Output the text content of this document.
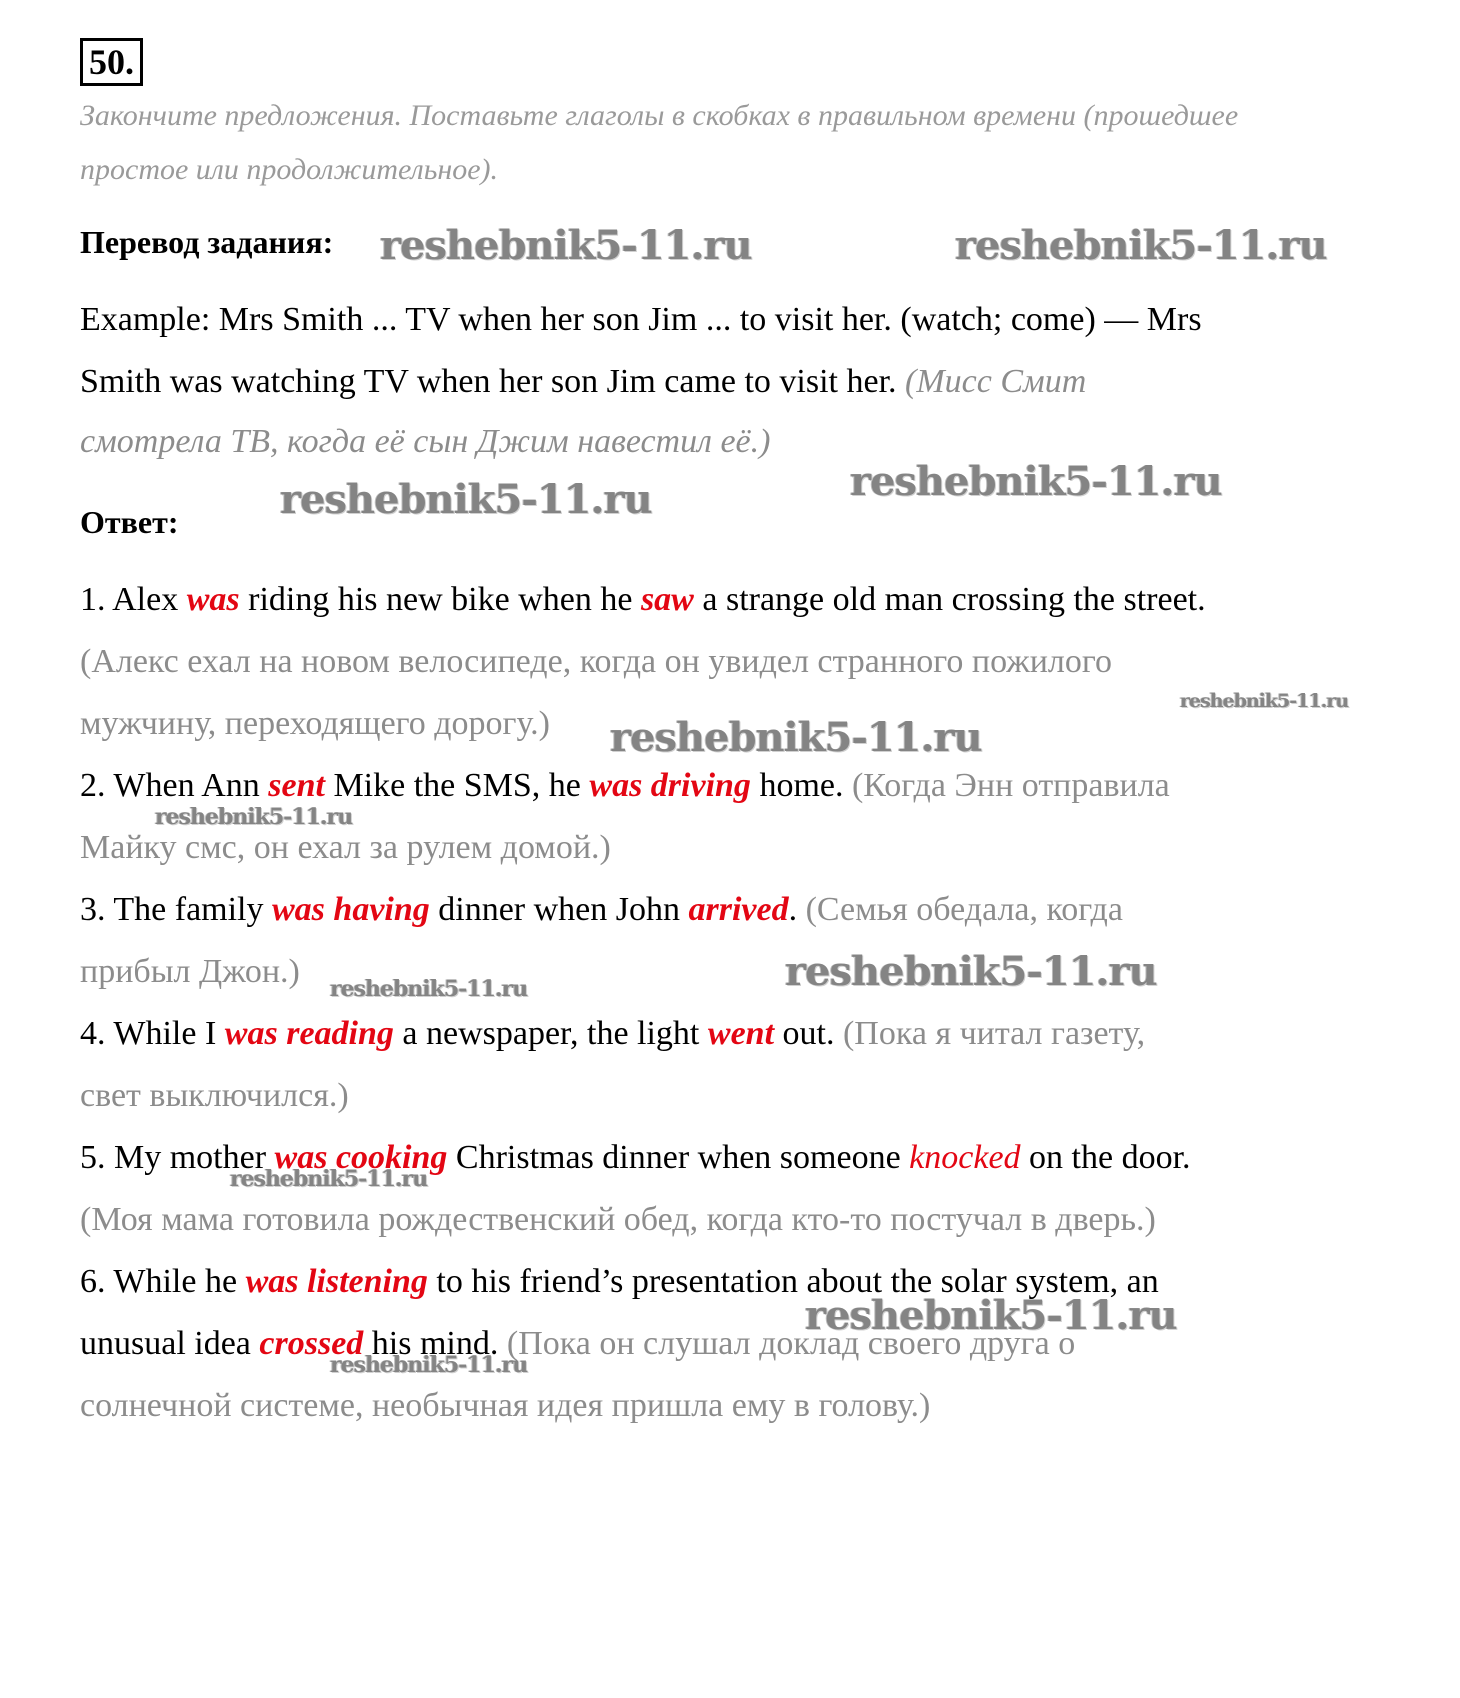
50.
Закончите предложения. Поставьте глаголы в скобках в правильном времени (прошедшее
простое или продолжительное).
Перевод задания:
Example: Mrs Smith ... TV when her son Jim ... to visit her. (watch; come) — Mrs
Smith was watching TV when her son Jim came to visit her. (Мисс Смит
смотрела ТВ, когда её сын Джим навестил её.)
Ответ:
1. Alex was riding his new bike when he saw a strange old man crossing the street.
(Алекс ехал на новом велосипеде, когда он увидел странного пожилого
мужчину, переходящего дорогу.)
2. When Ann sent Mike the SMS, he was driving home. (Когда Энн отправила
Майку смс, он ехал за рулем домой.)
3. The family was having dinner when John arrived. (Семья обедала, когда
прибыл Джон.)
4. While I was reading a newspaper, the light went out. (Пока я читал газету,
свет выключился.)
5. My mother was cooking Christmas dinner when someone knocked on the door.
(Моя мама готовила рождественский обед, когда кто-то постучал в дверь.)
6. While he was listening to his friend’s presentation about the solar system, an
unusual idea crossed his mind. (Пока он слушал доклад своего друга о
солнечной системе, необычная идея пришла ему в голову.)
reshebnik5-11.ru	reshebnik5-11.ru
reshebnik5-11.ru
reshebnik5-11.ru
reshebnik5-11.ru
reshebnik5-11.ru
reshebnik5-11.ru
reshebnik5-11.ru
reshebnik5-11.ru
reshebnik5-11.ru
reshebnik5-11.ru
reshebnik5-11.ru
